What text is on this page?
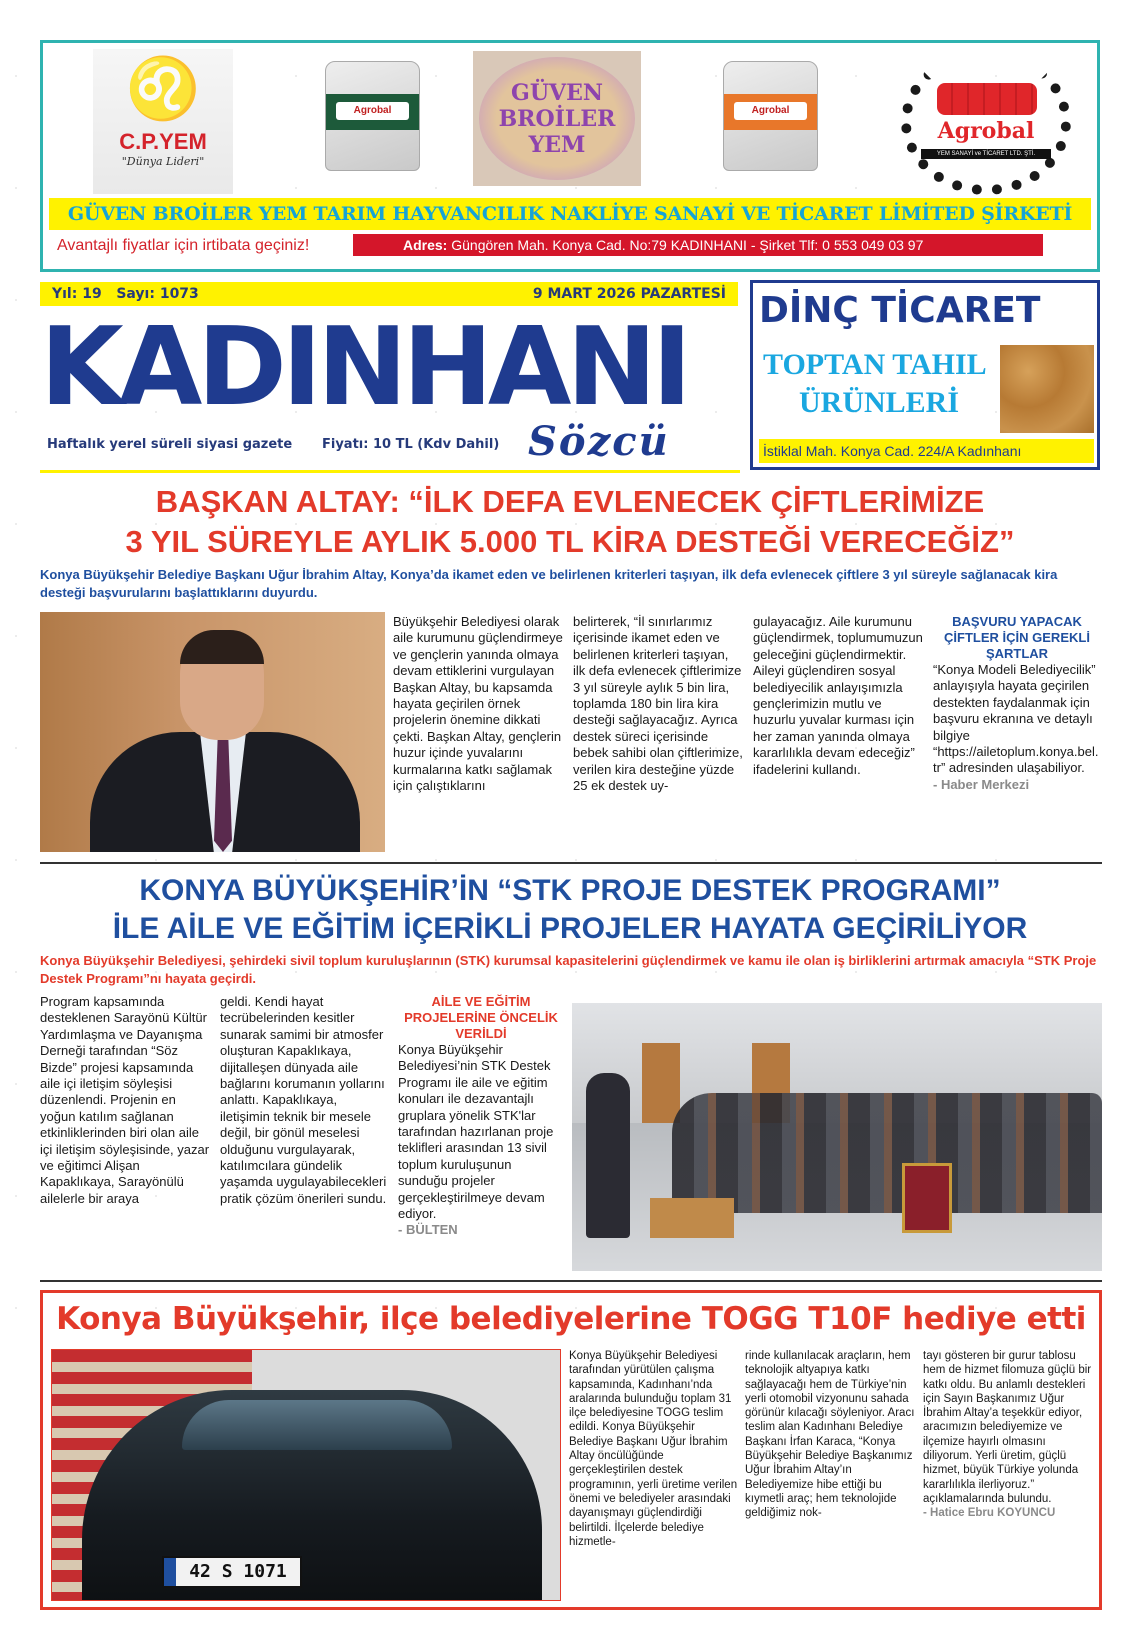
♌
C.P.YEM
"Dünya Lideri"
Agrobal
GÜVEN
BROİLER
YEM
Agrobal
Agrobal
YEM SANAYİ ve TİCARET LTD. ŞTİ.
GÜVEN BROİLER YEM TARIM HAYVANCILIK NAKLİYE SANAYİ VE TİCARET LİMİTED ŞİRKETİ
Avantajlı fiyatlar için irtibata geçiniz!	Adres: Güngören Mah. Konya Cad. No:79 KADINHANI - Şirket Tlf: 0 553 049 03 97
Yıl: 19 Sayı: 1073	9 MART 2026 PAZARTESİ
KADINHANI
Haftalık yerel süreli siyasi gazete Fiyatı: 10 TL (Kdv Dahil) Sözcü
DİNÇ TİCARET
TOPTAN TAHIL
ÜRÜNLERİ
İstiklal Mah. Konya Cad. 224/A Kadınhanı
BAŞKAN ALTAY: “İLK DEFA EVLENECEK ÇİFTLERİMİZE
3 YIL SÜREYLE AYLIK 5.000 TL KİRA DESTEĞİ VERECEĞİZ”
Konya Büyükşehir Belediye Başkanı Uğur İbrahim Altay, Konya’da ikamet eden ve belirlenen kriterleri taşıyan, ilk defa evlenecek çiftlere 3 yıl süreyle sağlanacak kira desteği başvurularını başlattıklarını duyurdu.
Büyükşehir Belediyesi olarak aile kurumunu güçlendirmeye ve gençlerin yanında olmaya devam ettiklerini vurgulayan Başkan Altay, bu kapsamda hayata geçirilen örnek projelerin önemine dikkati çekti. Başkan Altay, gençlerin huzur içinde yuvalarını kurmalarına katkı sağlamak için çalıştıklarını
belirterek, “İl sınırlarımız içerisinde ikamet eden ve belirlenen kriterleri taşıyan, ilk defa evlenecek çiftlerimize 3 yıl süreyle aylık 5 bin lira, toplamda 180 bin lira kira desteği sağlayacağız. Ayrıca destek süreci içerisinde bebek sahibi olan çiftlerimize, verilen kira desteğine yüzde 25 ek destek uy-
gulayacağız. Aile kurumunu güçlendirmek, toplumumuzun geleceğini güçlendirmektir. Aileyi güçlendiren sosyal belediyecilik anlayışımızla gençlerimizin mutlu ve huzurlu yuvalar kurması için her zaman yanında olmaya kararlılıkla devam edeceğiz” ifadelerini kullandı.
BAŞVURU YAPACAK ÇİFTLER İÇİN GEREKLİ ŞARTLAR

“Konya Modeli Belediyecilik” anlayışıyla hayata geçirilen destekten faydalanmak için başvuru ekranına ve detaylı bilgiye “https://ailetoplum.konya.bel.tr” adresinden ulaşabiliyor.

- Haber Merkezi

KONYA BÜYÜKŞEHİR’İN “STK PROJE DESTEK PROGRAMI”
İLE AİLE VE EĞİTİM İÇERİKLİ PROJELER HAYATA GEÇİRİLİYOR
Konya Büyükşehir Belediyesi, şehirdeki sivil toplum kuruluşlarının (STK) kurumsal kapasitelerini güçlendirmek ve kamu ile olan iş birliklerini artırmak amacıyla “STK Proje Destek Programı”nı hayata geçirdi.
Program kapsamında desteklenen Sarayönü Kültür Yardımlaşma ve Dayanışma Derneği tarafından “Söz Bizde” projesi kapsamında aile içi iletişim söyleşisi düzenlendi. Projenin en yoğun katılım sağlanan etkinliklerinden biri olan aile içi iletişim söyleşisinde, yazar ve eğitimci Alişan Kapaklıkaya, Sarayönülü ailelerle bir araya
geldi. Kendi hayat tecrübelerinden kesitler sunarak samimi bir atmosfer oluşturan Kapaklıkaya, dijitalleşen dünyada aile bağlarını korumanın yollarını anlattı. Kapaklıkaya, iletişimin teknik bir mesele değil, bir gönül meselesi olduğunu vurgulayarak, katılımcılara gündelik yaşamda uygulayabilecekleri pratik çözüm önerileri sundu.
AİLE VE EĞİTİM PROJELERİNE ÖNCELİK VERİLDİ

Konya Büyükşehir Belediyesi’nin STK Destek Programı ile aile ve eğitim konuları ile dezavantajlı gruplara yönelik STK'lar tarafından hazırlanan proje teklifleri arasından 13 sivil toplum kuruluşunun sunduğu projeler gerçekleştirilmeye devam ediyor.

- BÜLTEN

Konya Büyükşehir, ilçe belediyelerine TOGG T10F hediye etti
42 S 1071
Konya Büyükşehir Belediyesi tarafından yürütülen çalışma kapsamında, Kadınhanı’nda aralarında bulunduğu toplam 31 ilçe belediyesine TOGG teslim edildi. Konya Büyükşehir Belediye Başkanı Uğur İbrahim Altay öncülüğünde gerçekleştirilen destek programının, yerli üretime verilen önemi ve belediyeler arasındaki dayanışmayı güçlendirdiği belirtildi. İlçelerde belediye hizmetle-
rinde kullanılacak araçların, hem teknolojik altyapıya katkı sağlayacağı hem de Türkiye’nin yerli otomobil vizyonunu sahada görünür kılacağı söyleniyor. Aracı teslim alan Kadınhanı Belediye Başkanı İrfan Karaca, “Konya Büyükşehir Belediye Başkanımız Uğur İbrahim Altay’ın Belediyemize hibe ettiği bu kıymetli araç; hem teknolojide geldiğimiz nok-

tayı gösteren bir gurur tablosu hem de hizmet filomuza güçlü bir katkı oldu. Bu anlamlı destekleri için Sayın Başkanımız Uğur İbrahim Altay’a teşekkür ediyor, aracımızın belediyemize ve ilçemize hayırlı olmasını diliyorum. Yerli üretim, güçlü hizmet, büyük Türkiye yolunda kararlılıkla ilerliyoruz.” açıklamalarında bulundu.

- Hatice Ebru KOYUNCU
